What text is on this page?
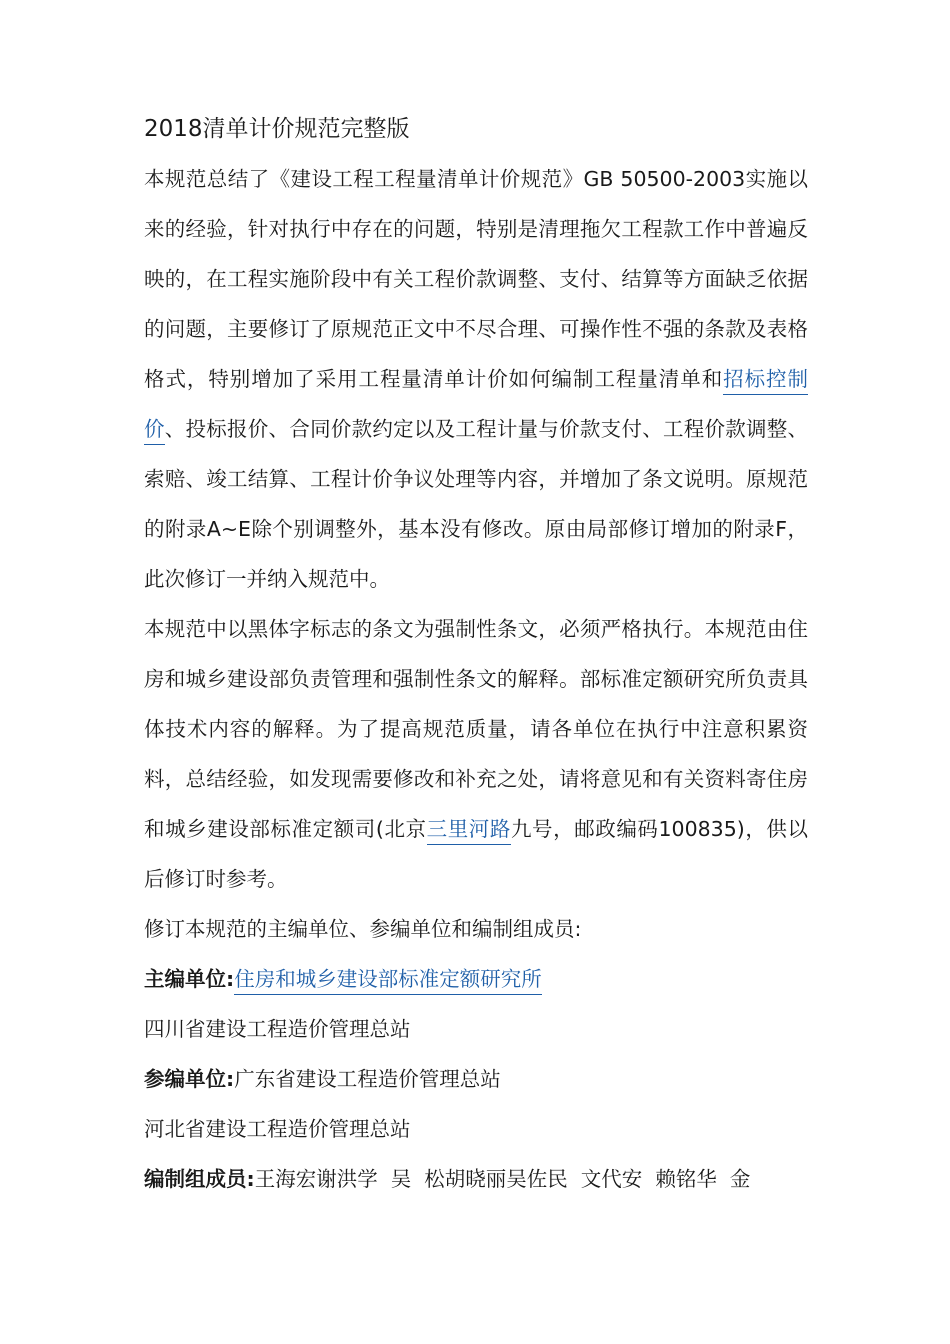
2018清单计价规范完整版

本规范总结了《建设工程工程量清单计价规范》GB 50500-2003实施以来的经验，针对执行中存在的问题，特别是清理拖欠工程款工作中普遍反映的，在工程实施阶段中有关工程价款调整、支付、结算等方面缺乏依据的问题，主要修订了原规范正文中不尽合理、可操作性不强的条款及表格格式，特别增加了采用工程量清单计价如何编制工程量清单和招标控制价、投标报价、合同价款约定以及工程计量与价款支付、工程价款调整、索赔、竣工结算、工程计价争议处理等内容，并增加了条文说明。原规范的附录A~E除个别调整外，基本没有修改。原由局部修订增加的附录F，此次修订一并纳入规范中。

本规范中以黑体字标志的条文为强制性条文，必须严格执行。本规范由住房和城乡建设部负责管理和强制性条文的解释。部标准定额研究所负责具体技术内容的解释。为了提高规范质量，请各单位在执行中注意积累资料，总结经验，如发现需要修改和补充之处，请将意见和有关资料寄住房和城乡建设部标准定额司(北京三里河路九号，邮政编码100835)，供以后修订时参考。

修订本规范的主编单位、参编单位和编制组成员:
主编单位:住房和城乡建设部标准定额研究所
四川省建设工程造价管理总站
参编单位:广东省建设工程造价管理总站
河北省建设工程造价管理总站
编制组成员:王海宏谢洪学  吴  松胡晓丽吴佐民  文代安  赖铭华  金
